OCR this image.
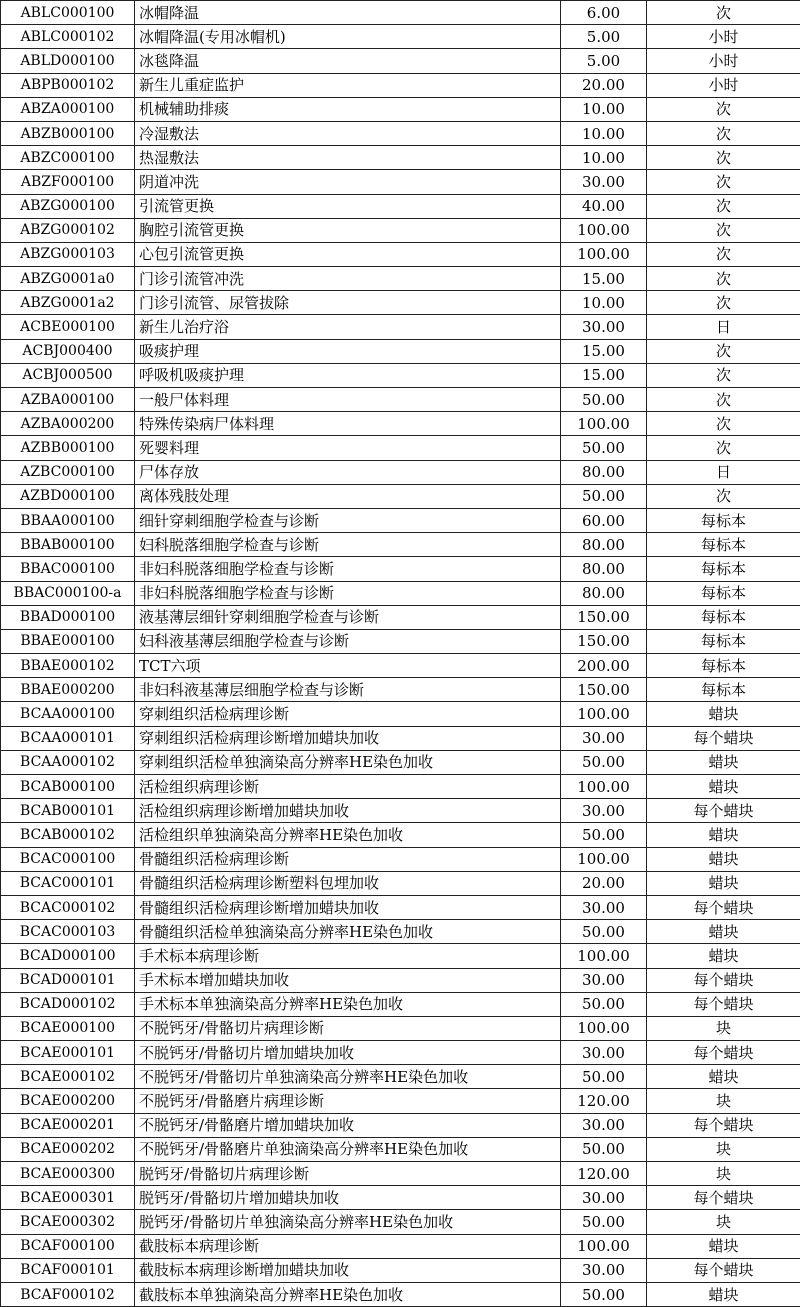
ABLC000100	冰帽降温	6.00	次
ABLC000102	冰帽降温(专用冰帽机)	5.00	小时
ABLD000100	冰毯降温	5.00	小时
ABPB000102	新生儿重症监护	20.00	小时
ABZA000100	机械辅助排痰	10.00	次
ABZB000100	冷湿敷法	10.00	次
ABZC000100	热湿敷法	10.00	次
ABZF000100	阴道冲洗	30.00	次
ABZG000100	引流管更换	40.00	次
ABZG000102	胸腔引流管更换	100.00	次
ABZG000103	心包引流管更换	100.00	次
ABZG0001a0	门诊引流管冲洗	15.00	次
ABZG0001a2	门诊引流管、尿管拔除	10.00	次
ACBE000100	新生儿治疗浴	30.00	日
ACBJ000400	吸痰护理	15.00	次
ACBJ000500	呼吸机吸痰护理	15.00	次
AZBA000100	一般尸体料理	50.00	次
AZBA000200	特殊传染病尸体料理	100.00	次
AZBB000100	死婴料理	50.00	次
AZBC000100	尸体存放	80.00	日
AZBD000100	离体残肢处理	50.00	次
BBAA000100	细针穿刺细胞学检查与诊断	60.00	每标本
BBAB000100	妇科脱落细胞学检查与诊断	80.00	每标本
BBAC000100	非妇科脱落细胞学检查与诊断	80.00	每标本
BBAC000100-a	非妇科脱落细胞学检查与诊断	80.00	每标本
BBAD000100	液基薄层细针穿刺细胞学检查与诊断	150.00	每标本
BBAE000100	妇科液基薄层细胞学检查与诊断	150.00	每标本
BBAE000102	TCT六项	200.00	每标本
BBAE000200	非妇科液基薄层细胞学检查与诊断	150.00	每标本
BCAA000100	穿刺组织活检病理诊断	100.00	蜡块
BCAA000101	穿刺组织活检病理诊断增加蜡块加收	30.00	每个蜡块
BCAA000102	穿刺组织活检单独滴染高分辨率HE染色加收	50.00	蜡块
BCAB000100	活检组织病理诊断	100.00	蜡块
BCAB000101	活检组织病理诊断增加蜡块加收	30.00	每个蜡块
BCAB000102	活检组织单独滴染高分辨率HE染色加收	50.00	蜡块
BCAC000100	骨髓组织活检病理诊断	100.00	蜡块
BCAC000101	骨髓组织活检病理诊断塑料包埋加收	20.00	蜡块
BCAC000102	骨髓组织活检病理诊断增加蜡块加收	30.00	每个蜡块
BCAC000103	骨髓组织活检单独滴染高分辨率HE染色加收	50.00	蜡块
BCAD000100	手术标本病理诊断	100.00	蜡块
BCAD000101	手术标本增加蜡块加收	30.00	每个蜡块
BCAD000102	手术标本单独滴染高分辨率HE染色加收	50.00	每个蜡块
BCAE000100	不脱钙牙/骨骼切片病理诊断	100.00	块
BCAE000101	不脱钙牙/骨骼切片增加蜡块加收	30.00	每个蜡块
BCAE000102	不脱钙牙/骨骼切片单独滴染高分辨率HE染色加收	50.00	蜡块
BCAE000200	不脱钙牙/骨骼磨片病理诊断	120.00	块
BCAE000201	不脱钙牙/骨骼磨片增加蜡块加收	30.00	每个蜡块
BCAE000202	不脱钙牙/骨骼磨片单独滴染高分辨率HE染色加收	50.00	块
BCAE000300	脱钙牙/骨骼切片病理诊断	120.00	块
BCAE000301	脱钙牙/骨骼切片增加蜡块加收	30.00	每个蜡块
BCAE000302	脱钙牙/骨骼切片单独滴染高分辨率HE染色加收	50.00	块
BCAF000100	截肢标本病理诊断	100.00	蜡块
BCAF000101	截肢标本病理诊断增加蜡块加收	30.00	每个蜡块
BCAF000102	截肢标本单独滴染高分辨率HE染色加收	50.00	蜡块
